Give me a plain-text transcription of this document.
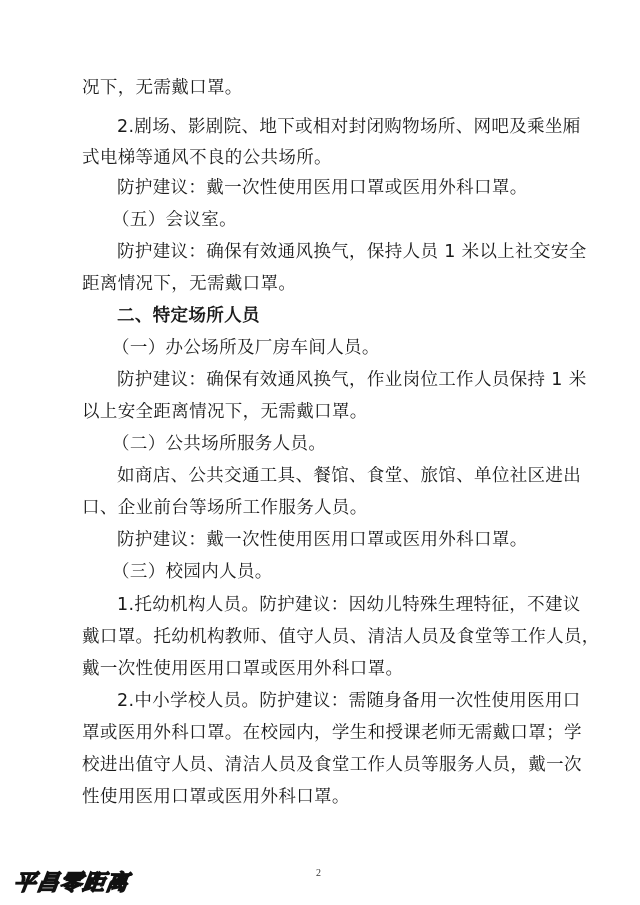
况下，无需戴口罩。
2.剧场、影剧院、地下或相对封闭购物场所、网吧及乘坐厢
式电梯等通风不良的公共场所。
防护建议：戴一次性使用医用口罩或医用外科口罩。
（五）会议室。
防护建议：确保有效通风换气，保持人员 1 米以上社交安全
距离情况下，无需戴口罩。
二、特定场所人员
（一）办公场所及厂房车间人员。
防护建议：确保有效通风换气，作业岗位工作人员保持 1 米
以上安全距离情况下，无需戴口罩。
（二）公共场所服务人员。
如商店、公共交通工具、餐馆、食堂、旅馆、单位社区进出
口、企业前台等场所工作服务人员。
防护建议：戴一次性使用医用口罩或医用外科口罩。
（三）校园内人员。
1.托幼机构人员。防护建议：因幼儿特殊生理特征，不建议
戴口罩。托幼机构教师、值守人员、清洁人员及食堂等工作人员，
戴一次性使用医用口罩或医用外科口罩。
2.中小学校人员。防护建议：需随身备用一次性使用医用口
罩或医用外科口罩。在校园内，学生和授课老师无需戴口罩；学
校进出值守人员、清洁人员及食堂工作人员等服务人员，戴一次
性使用医用口罩或医用外科口罩。
2
平昌零距离
